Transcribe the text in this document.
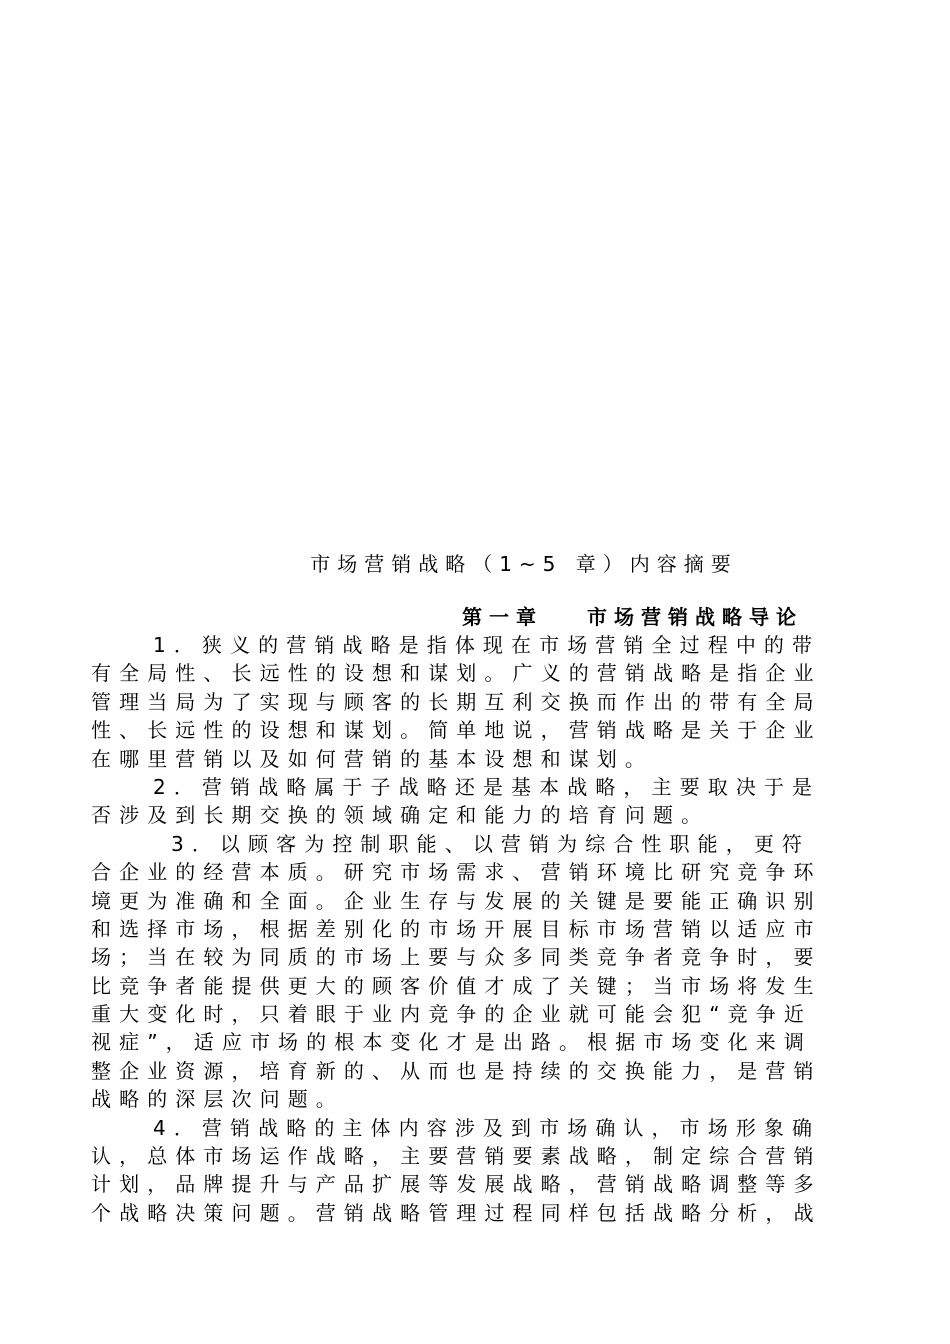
市场营销战略（1~5 章）内容摘要
第一章 市场营销战略导论
1．狭义的营销战略是指体现在市场营销全过程中的带
有全局性、长远性的设想和谋划。广义的营销战略是指企业
管理当局为了实现与顾客的长期互利交换而作出的带有全局
性、长远性的设想和谋划。简单地说，营销战略是关于企业
在哪里营销以及如何营销的基本设想和谋划。
2．营销战略属于子战略还是基本战略，主要取决于是
否涉及到长期交换的领域确定和能力的培育问题。
3．以顾客为控制职能、以营销为综合性职能，更符
合企业的经营本质。研究市场需求、营销环境比研究竞争环
境更为准确和全面。企业生存与发展的关键是要能正确识别
和选择市场，根据差别化的市场开展目标市场营销以适应市
场；当在较为同质的市场上要与众多同类竞争者竞争时，要
比竞争者能提供更大的顾客价值才成了关键；当市场将发生
重大变化时，只着眼于业内竞争的企业就可能会犯“竞争近
视症”，适应市场的根本变化才是出路。根据市场变化来调
整企业资源，培育新的、从而也是持续的交换能力，是营销
战略的深层次问题。
4．营销战略的主体内容涉及到市场确认，市场形象确
认，总体市场运作战略，主要营销要素战略，制定综合营销
计划，品牌提升与产品扩展等发展战略，营销战略调整等多
个战略决策问题。营销战略管理过程同样包括战略分析，战
